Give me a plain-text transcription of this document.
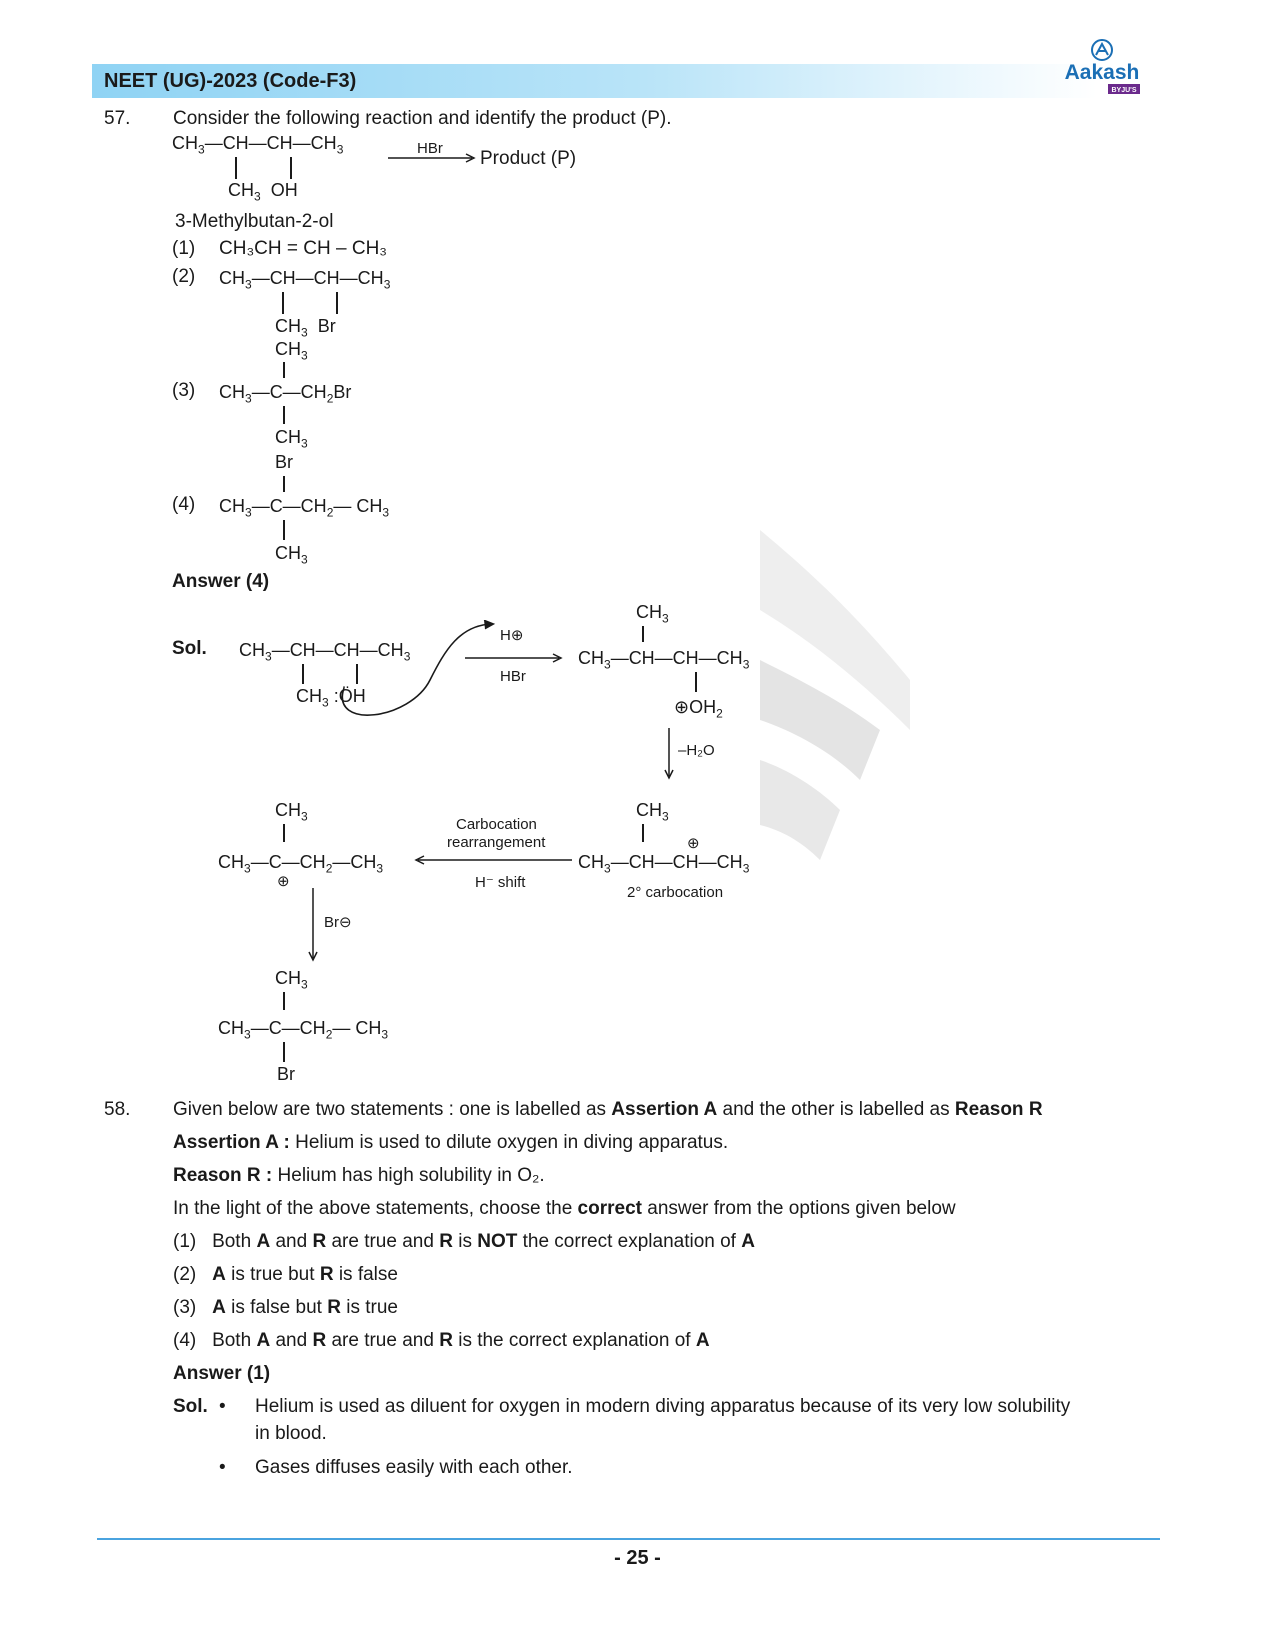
NEET (UG)-2023 (Code-F3)	Aakash
BYJU'S
57. Consider the following reaction and identify the product (P).
$CH_3—CH—CH—CH_3$
$CH_3$  OH
HBr Product (P)
3-Methylbutan-2-ol
(1) CH₃CH = CH – CH₃
(2) $CH_3—CH—CH—CH_3$
$CH_3$  Br
$CH_3$
(3) $CH_3—C—CH_2Br$
$CH_3$
Br
(4) $CH_3—C—CH_2—$ $CH_3$
$CH_3$
Answer (4)
Sol. $CH_3—CH—CH—CH_3$
$CH_3$ :ÖH
H⊕
HBr
$CH_3$
$CH_3—CH—CH—CH_3$
$\oplus OH_2$
–H₂O
$CH_3$
⊕
$CH_3—CH—CH—CH_3$
2° carbocation
Carbocation
rearrangement
H⁻ shift
$CH_3$
$CH_3—C—CH_2—CH_3$
⊕
Br⊖
$CH_3$
$CH_3—C—CH_2—$ $CH_3$
Br
58. Given below are two statements : one is labelled as Assertion A and the other is labelled as Reason R
Assertion A : Helium is used to dilute oxygen in diving apparatus.
Reason R : Helium has high solubility in O₂.
In the light of the above statements, choose the correct answer from the options given below
(1)   Both A and R are true and R is NOT the correct explanation of A
(2) A is true but R is false
(3) A is false but R is true
(4)   Both A and R are true and R is the correct explanation of A
Answer (1)
Sol. • Helium is used as diluent for oxygen in modern diving apparatus because of its very low solubility
in blood.
• Gases diffuses easily with each other.
- 25 -
